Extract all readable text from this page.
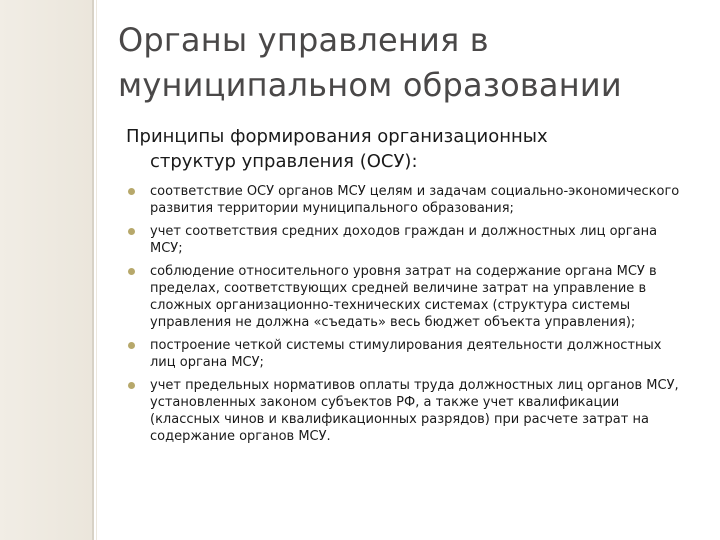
Органы управления в
муниципальном образовании
Принципы формирования организационных
структур управления (ОСУ):
соответствие ОСУ органов МСУ целям и задачам социально-экономического развития территории муниципального образования;
учет соответствия средних доходов граждан и должностных лиц органа МСУ;
соблюдение относительного уровня затрат на содержание органа МСУ в пределах, соответствующих средней величине затрат на управление в сложных организационно-технических системах (структура системы управления не должна «съедать» весь бюджет объекта управления);
построение четкой системы стимулирования деятельности должностных лиц органа МСУ;
учет предельных нормативов оплаты труда должностных лиц органов МСУ, установленных законом субъектов РФ, а также учет квалификации (классных чинов и квалификационных разрядов) при расчете затрат на содержание органов МСУ.
